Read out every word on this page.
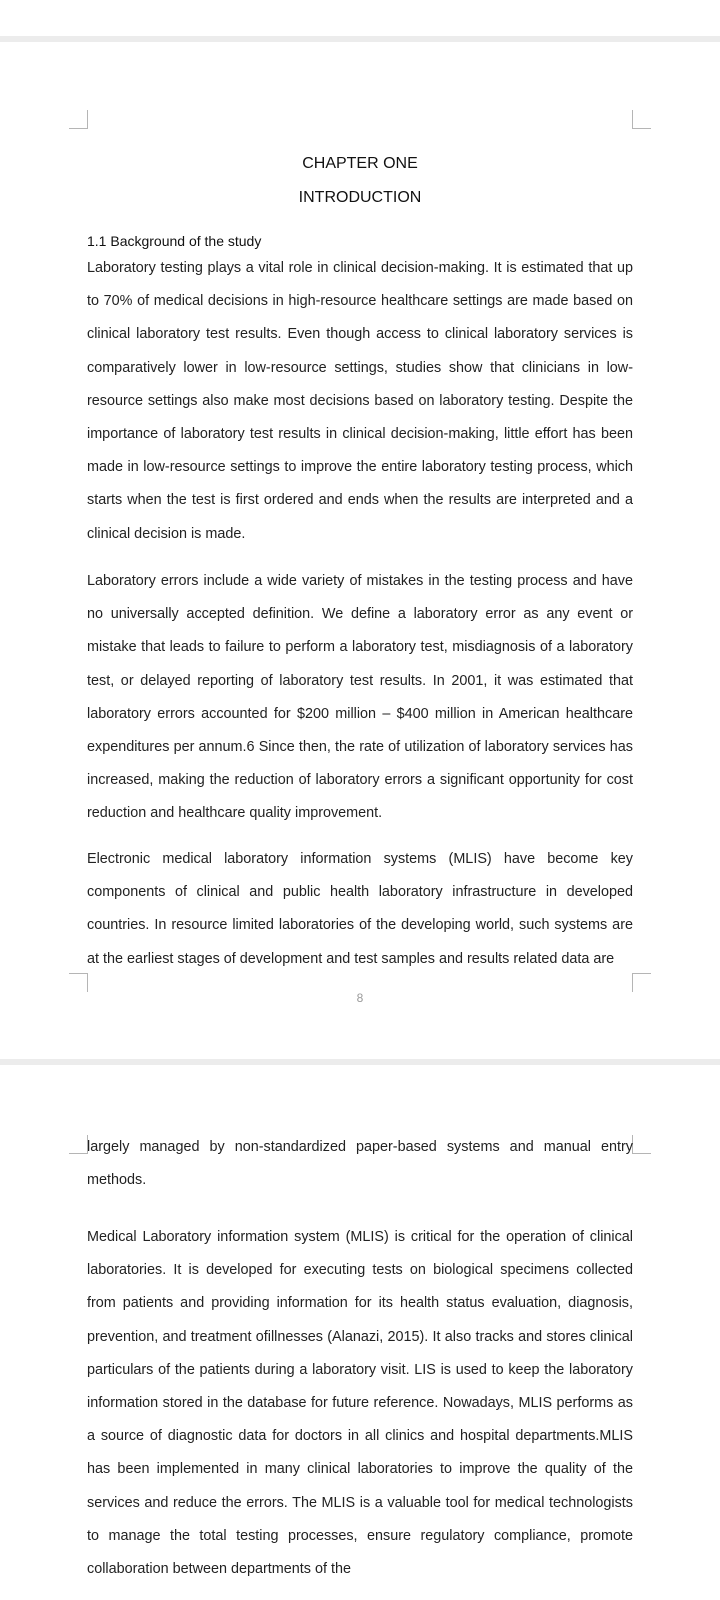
CHAPTER ONE
INTRODUCTION
1.1 Background of the study

Laboratory testing plays a vital role in clinical decision-making. It is estimated that up to 70% of medical decisions in high-resource healthcare settings are made based on clinical laboratory test results. Even though access to clinical laboratory services is comparatively lower in low-resource settings, studies show that clinicians in low-resource settings also make most decisions based on laboratory testing. Despite the importance of laboratory test results in clinical decision-making, little effort has been made in low-resource settings to improve the entire laboratory testing process, which starts when the test is first ordered and ends when the results are interpreted and a clinical decision is made.

Laboratory errors include a wide variety of mistakes in the testing process and have no universally accepted definition. We define a laboratory error as any event or mistake that leads to failure to perform a laboratory test, misdiagnosis of a laboratory test, or delayed reporting of laboratory test results. In 2001, it was estimated that laboratory errors accounted for $200 million – $400 million in American healthcare expenditures per annum.6 Since then, the rate of utilization of laboratory services has increased, making the reduction of laboratory errors a significant opportunity for cost reduction and healthcare quality improvement.

Electronic medical laboratory information systems (MLIS) have become key components of clinical and public health laboratory infrastructure in developed countries. In resource limited laboratories of the developing world, such systems are at the earliest stages of development and test samples and results related data are

8

largely managed by non-standardized paper-based systems and manual entry methods.

Medical Laboratory information system (MLIS) is critical for the operation of clinical laboratories. It is developed for executing tests on biological specimens collected from patients and providing information for its health status evaluation, diagnosis, prevention, and treatment ofillnesses (Alanazi, 2015). It also tracks and stores clinical particulars of the patients during a laboratory visit. LIS is used to keep the laboratory information stored in the database for future reference. Nowadays, MLIS performs as a source of diagnostic data for doctors in all clinics and hospital departments.MLIS has been implemented in many clinical laboratories to improve the quality of the services and reduce the errors. The MLIS is a valuable tool for medical technologists to manage the total testing processes, ensure regulatory compliance, promote collaboration between departments of the
